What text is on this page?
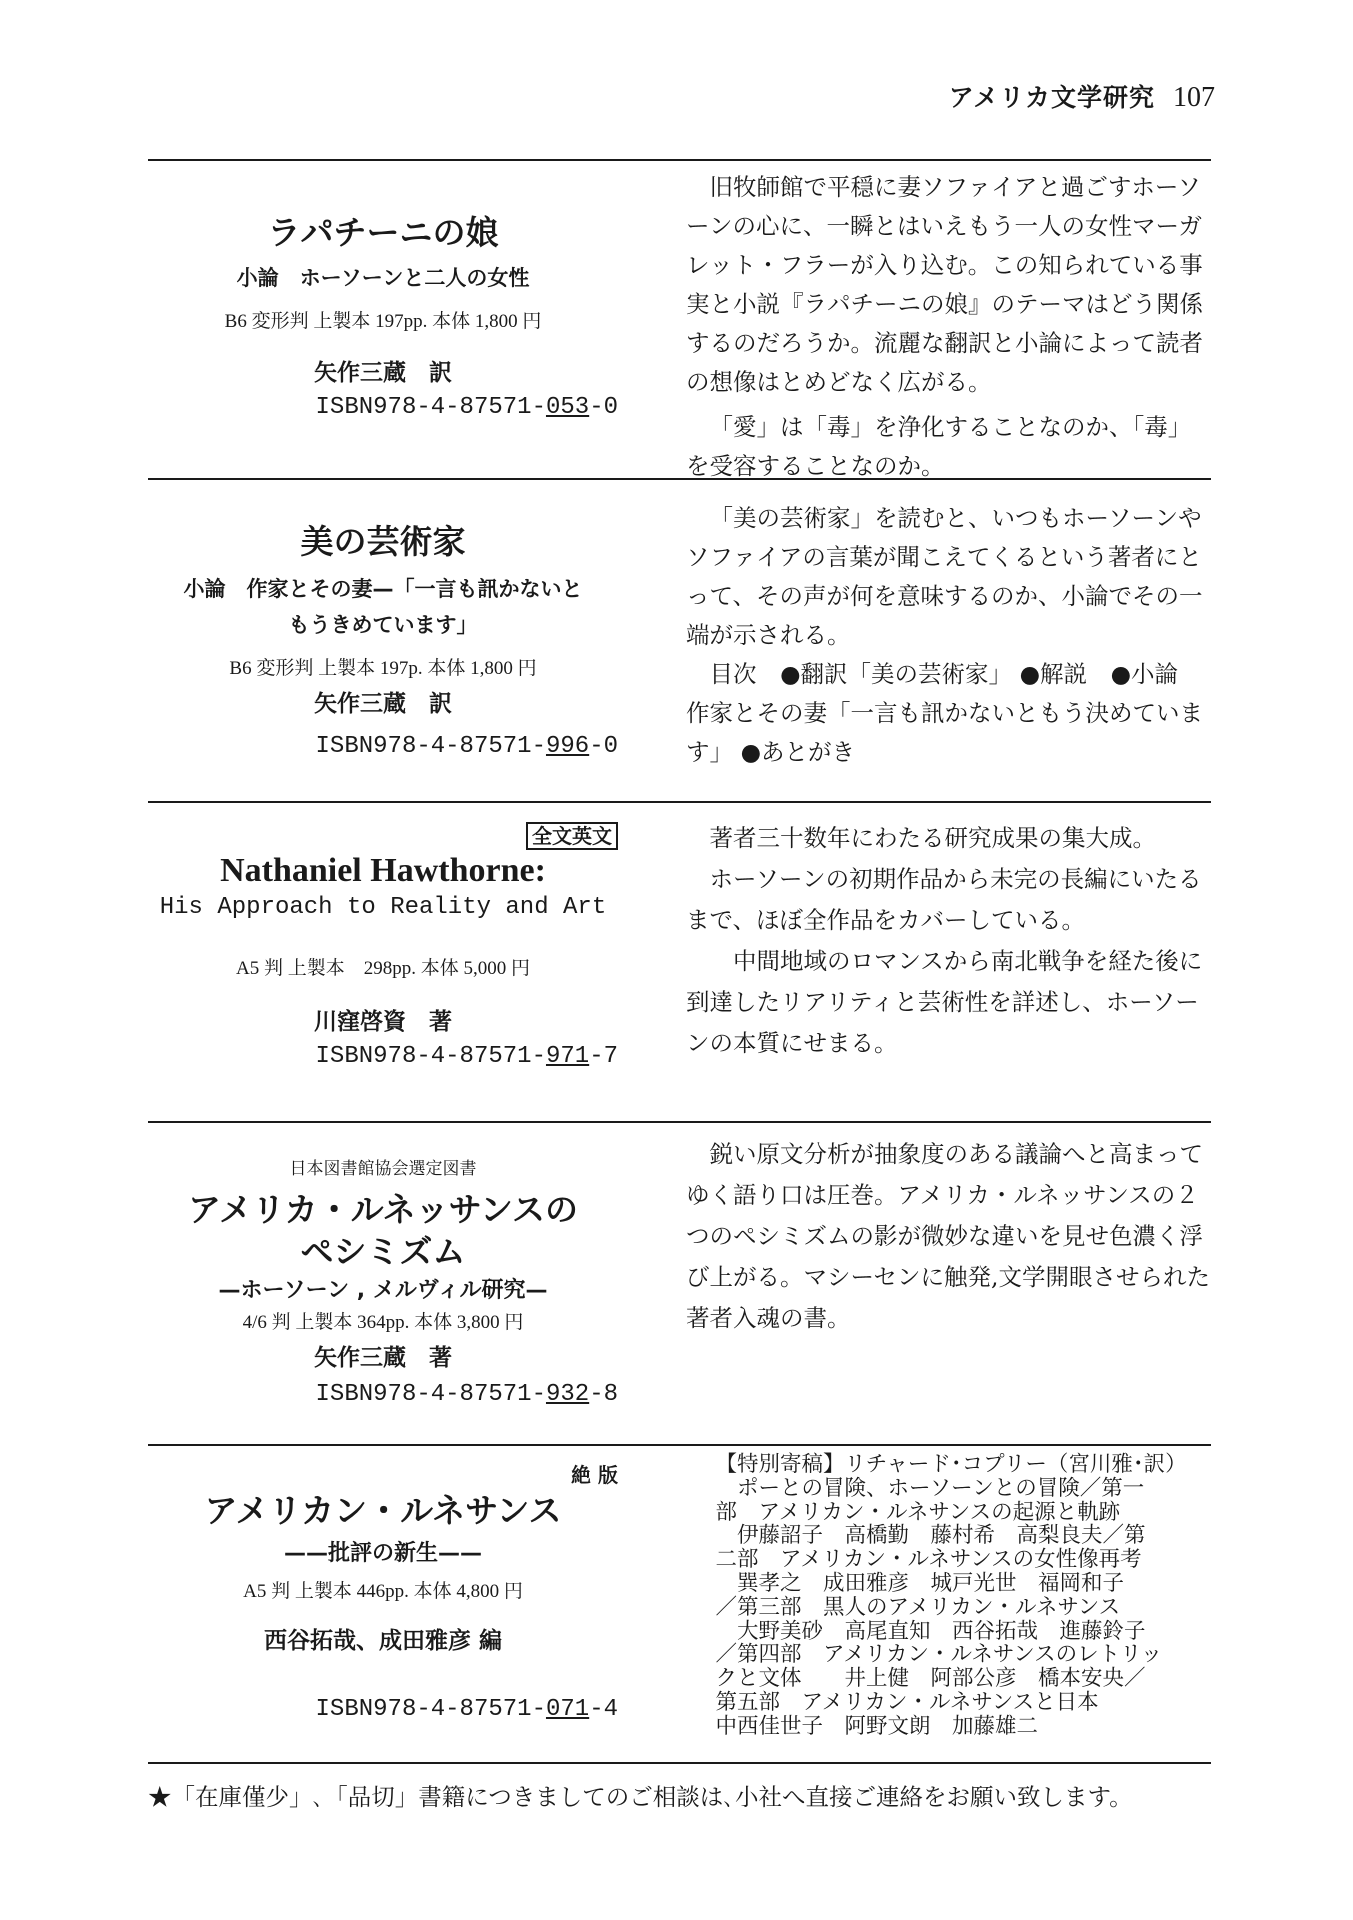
アメリカ文学研究 107
ラパチーニの娘
小論　ホーソーンと二人の女性
B6 変形判 上製本 197pp. 本体 1,800 円
矢作三蔵　訳
ISBN978-4-87571-053-0

旧牧師館で平穏に妻ソファイアと過ごすホーソーンの心に、一瞬とはいえもう一人の女性マーガレット・フラーが入り込む。この知られている事実と小説『ラパチーニの娘』のテーマはどう関係するのだろうか。流麗な翻訳と小論によって読者の想像はとめどなく広がる。

「愛」は「毒」を浄化することなのか、「毒」を受容することなのか。

美の芸術家
小論　作家とその妻—「一言も訊かないと
もうきめています」
B6 変形判 上製本 197p. 本体 1,800 円
矢作三蔵　訳
ISBN978-4-87571-996-0

「美の芸術家」を読むと、いつもホーソーンやソファイアの言葉が聞こえてくるという著者にとって、その声が何を意味するのか、小論でその一端が示される。

目次　●翻訳「美の芸術家」 ●解説　●小論　作家とその妻「一言も訊かないともう決めています」 ●あとがき

全文英文
Nathaniel Hawthorne:
His Approach to Reality and Art
A5 判 上製本　298pp. 本体 5,000 円
川窪啓資　著
ISBN978-4-87571-971-7

著者三十数年にわたる研究成果の集大成。

ホーソーンの初期作品から未完の長編にいたるまで、ほぼ全作品をカバーしている。

中間地域のロマンスから南北戦争を経た後に到達したリアリティと芸術性を詳述し、ホーソーンの本質にせまる。

日本図書館協会選定図書
アメリカ・ルネッサンスの
ペシミズム
—ホーソーン , メルヴィル研究—
4/6 判 上製本 364pp. 本体 3,800 円
矢作三蔵　著
ISBN978-4-87571-932-8

鋭い原文分析が抽象度のある議論へと高まってゆく語り口は圧巻。アメリカ・ルネッサンスの２つのペシミズムの影が微妙な違いを見せ色濃く浮び上がる。マシーセンに触発,文学開眼させられた著者入魂の書。

絶 版
アメリカン・ルネサンス
——批評の新生——
A5 判 上製本 446pp. 本体 4,800 円
西谷拓哉、成田雅彦 編
ISBN978-4-87571-071-4

【特別寄稿】リチャード･コプリー（宮川雅･訳）

　ポーとの冒険、ホーソーンとの冒険／第一

部　アメリカン・ルネサンスの起源と軌跡

　伊藤詔子　高橋勤　藤村希　高梨良夫／第

二部　アメリカン・ルネサンスの女性像再考

　巽孝之　成田雅彦　城戸光世　福岡和子

／第三部　黒人のアメリカン・ルネサンス

　大野美砂　高尾直知　西谷拓哉　進藤鈴子

／第四部　アメリカン・ルネサンスのレトリッ

クと文体　　井上健　阿部公彦　橋本安央／

第五部　アメリカン・ルネサンスと日本

中西佳世子　阿野文朗　加藤雄二

★「在庫僅少」､「品切」書籍につきましてのご相談は､小社へ直接ご連絡をお願い致します。
